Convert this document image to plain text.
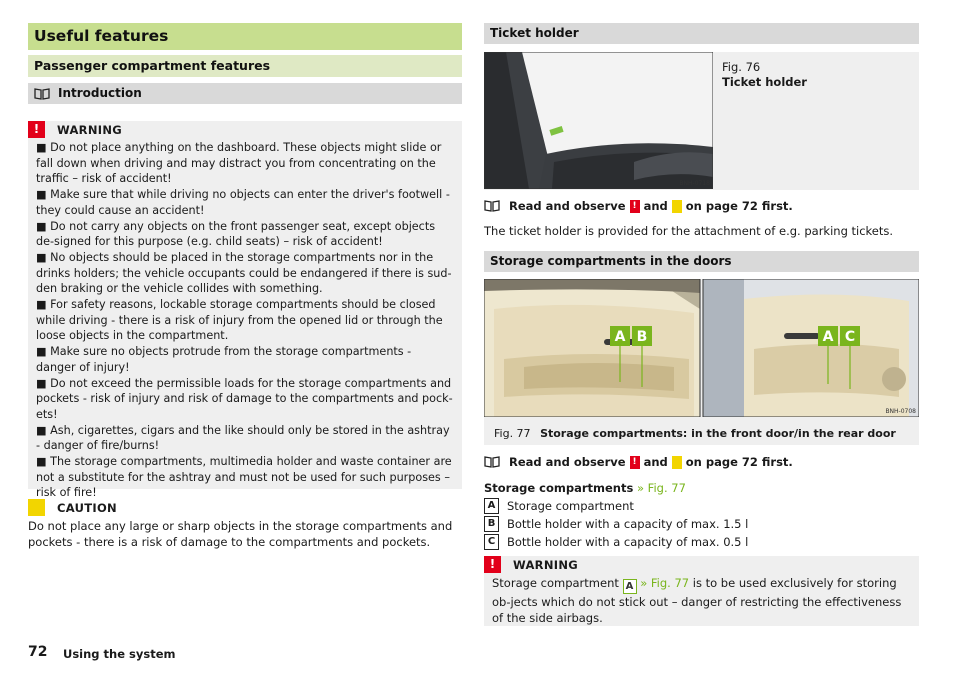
Useful features
Passenger compartment features
Introduction
!	WARNING

■ Do not place anything on the dashboard. These objects might slide or fall down when driving and may distract you from concentrating on the traffic – risk of accident!

■ Make sure that while driving no objects can enter the driver's footwell - they could cause an accident!

■ Do not carry any objects on the front passenger seat, except objects de-signed for this purpose (e.g. child seats) – risk of accident!

■ No objects should be placed in the storage compartments nor in the drinks holders; the vehicle occupants could be endangered if there is sud-den braking or the vehicle collides with something.

■ For safety reasons, lockable storage compartments should be closed while driving - there is a risk of injury from the opened lid or through the loose objects in the compartment.

■ Make sure no objects protrude from the storage compartments - danger of injury!

■ Do not exceed the permissible loads for the storage compartments and pockets - risk of injury and risk of damage to the compartments and pock-ets!

■ Ash, cigarettes, cigars and the like should only be stored in the ashtray - danger of fire/burns!

■ The storage compartments, multimedia holder and waste container are not a substitute for the ashtray and must not be used for such purposes – risk of fire!

CAUTION
Do not place any large or sharp objects in the storage compartments and pockets - there is a risk of damage to the compartments and pockets.
Ticket holder
BNH-0718
Fig. 76
Ticket holder
Read and observe ! and on page 72 first.
The ticket holder is provided for the attachment of e.g. parking tickets.
Storage compartments in the doors
A B	A C
BNH-0708
Fig. 77 Storage compartments: in the front door/in the rear door
Read and observe ! and on page 72 first.
Storage compartments » Fig. 77
A	Storage compartment
B	Bottle holder with a capacity of max. 1.5 l
C	Bottle holder with a capacity of max. 0.5 l
!	WARNING
Storage compartment A » Fig. 77 is to be used exclusively for storing ob-jects which do not stick out – danger of restricting the effectiveness of the side airbags.
72 Using the system
